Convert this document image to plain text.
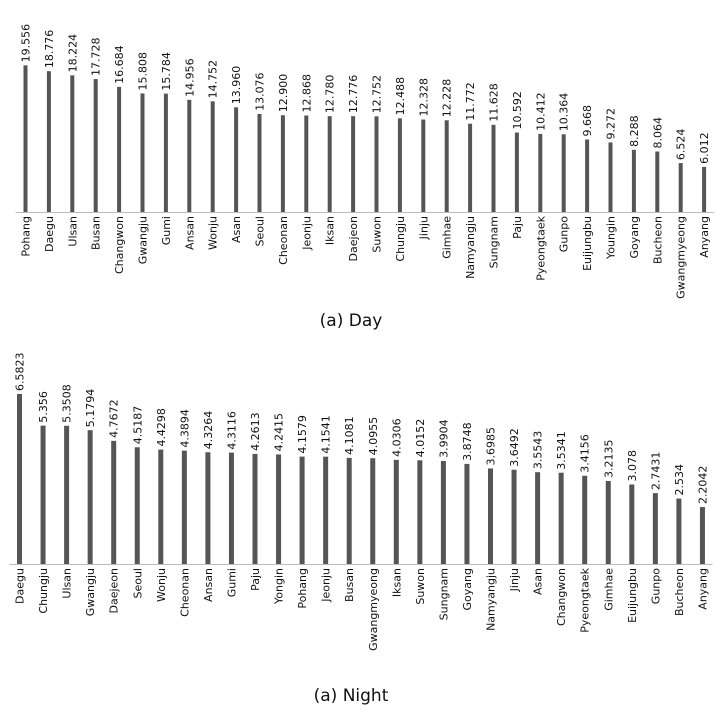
19.556 18.776 18.224 17.728 16.684 15.808 15.784 14.956 14.752 13.960 13.076 12.900 12.868 12.780 12.776 12.752 12.488 12.328 12.228 11.772 11.628 10.592 10.412 10.364 9.668 9.272 8.288 8.064 6.524 6.012
Pohang Daegu Ulsan Busan Changwon Gwangju Gumi Ansan Wonju Asan Seoul Cheonan Jeonju Iksan Daejeon Suwon Chungju Jinju Gimhae Namyangju Sungnam Paju Pyeongtaek Gunpo Euijungbu Youngin Goyang Bucheon Gwangmyeong Anyang
(a) Day
6.5823
5.356 5.3508 5.1794 4.7672 4.5187 4.4298 4.3894 4.3264 4.3116 4.2613 4.2415 4.1579 4.1541 4.1081 4.0955 4.0306 4.0152 3.9904 3.8748 3.6985 3.6492 3.5543 3.5341 3.4156 3.2135 3.078 2.7431 2.534 2.2042
Daegu Chungju Ulsan Gwangju Daejeon Seoul Wonju Cheonan Ansan Gumi Paju Yongin Pohang Jeonju Busan Gwangmyeong Iksan Suwon Sungnam Goyang Namyangju Jinju Asan Changwon Pyeongtaek Gimhae Euijungbu Gunpo Bucheon Anyang
(a) Night
